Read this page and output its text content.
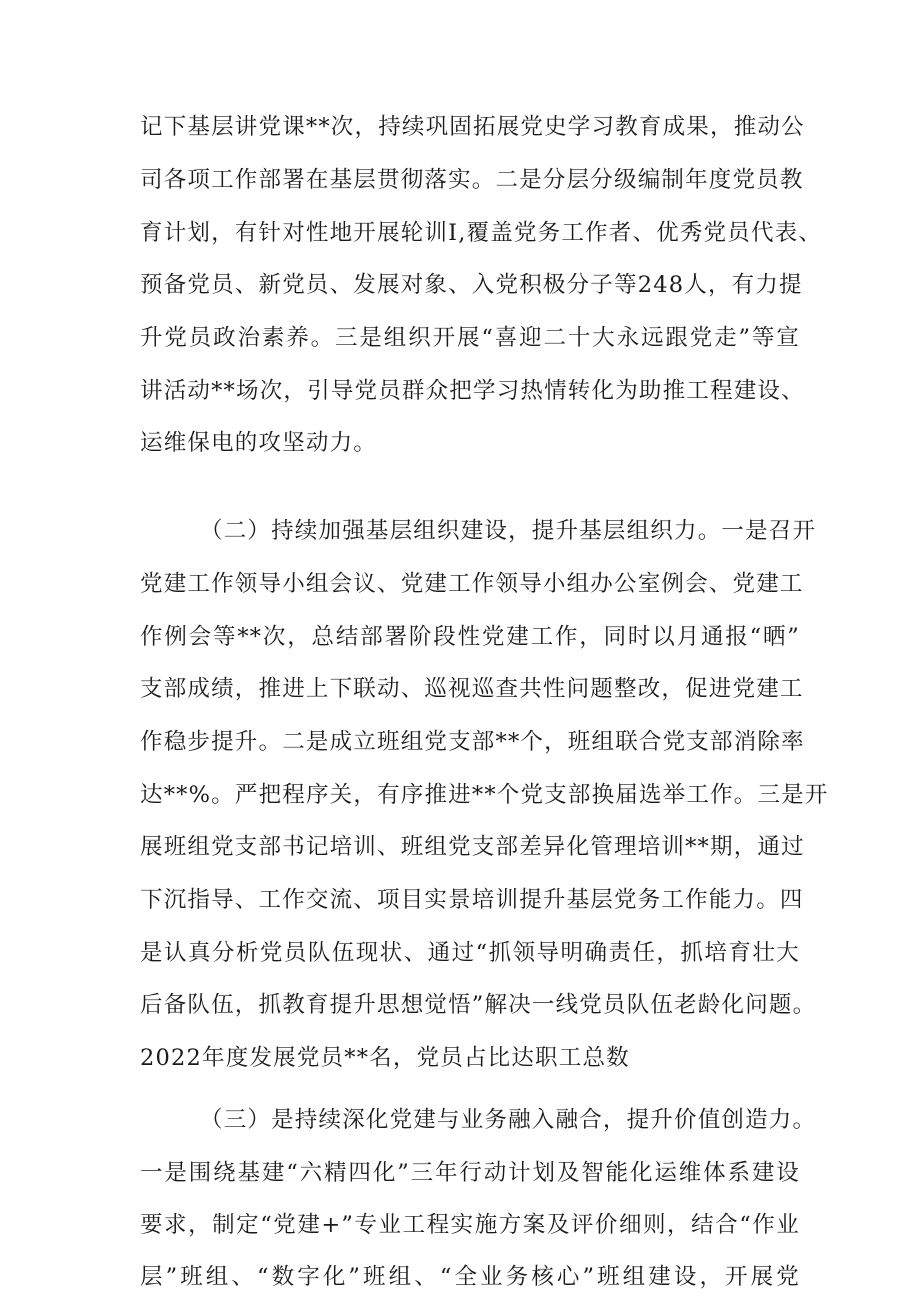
记下基层讲党课**次，持续巩固拓展党史学习教育成果，推动公
司各项工作部署在基层贯彻落实。二是分层分级编制年度党员教
育计划，有针对性地开展轮训I,覆盖党务工作者、优秀党员代表、
预备党员、新党员、发展对象、入党积极分子等248人，有力提
升党员政治素养。三是组织开展“喜迎二十大永远跟党走”等宣
讲活动**场次，引导党员群众把学习热情转化为助推工程建设、
运维保电的攻坚动力。
（二）持续加强基层组织建设，提升基层组织力。一是召开
党建工作领导小组会议、党建工作领导小组办公室例会、党建工
作例会等**次，总结部署阶段性党建工作，同时以月通报“晒”
支部成绩，推进上下联动、巡视巡查共性问题整改，促进党建工
作稳步提升。二是成立班组党支部**个，班组联合党支部消除率
达**%。严把程序关，有序推进**个党支部换届选举工作。三是开
展班组党支部书记培训、班组党支部差异化管理培训**期，通过
下沉指导、工作交流、项目实景培训提升基层党务工作能力。四
是认真分析党员队伍现状、通过“抓领导明确责任，抓培育壮大
后备队伍，抓教育提升思想觉悟”解决一线党员队伍老龄化问题。
2022年度发展党员**名，党员占比达职工总数
（三）是持续深化党建与业务融入融合，提升价值创造力。
一是围绕基建“六精四化”三年行动计划及智能化运维体系建设
要求，制定“党建+”专业工程实施方案及评价细则，结合“作业
层”班组、“数字化”班组、“全业务核心”班组建设，开展党
